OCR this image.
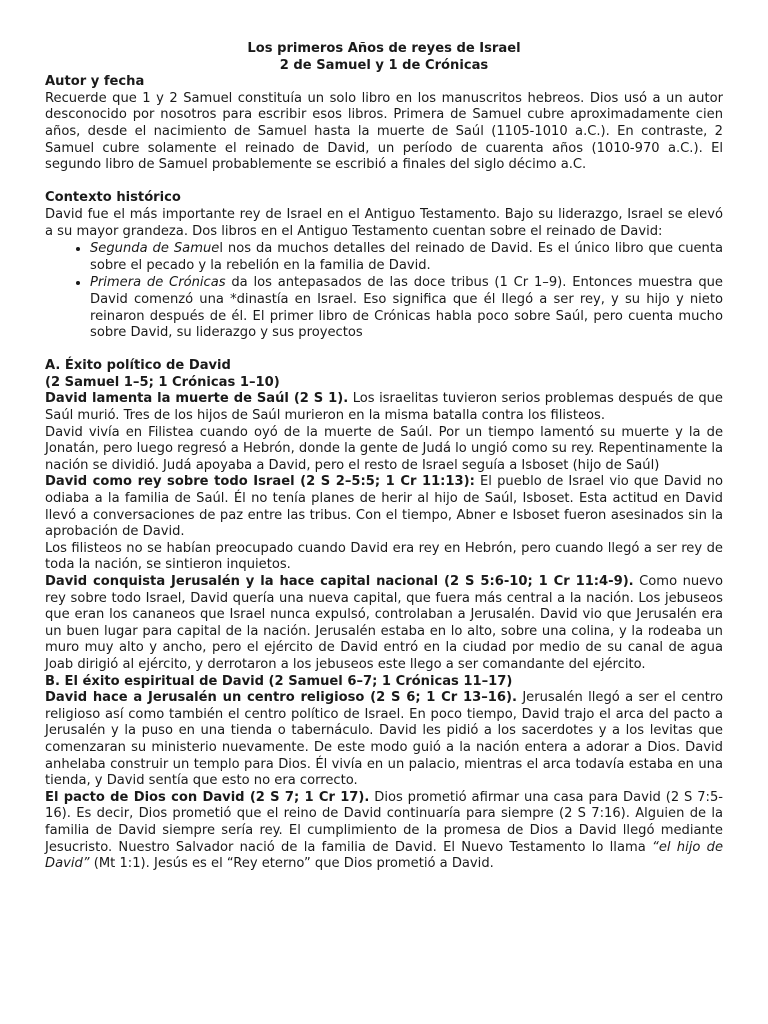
Los primeros Años de reyes de Israel
2 de Samuel y 1 de Crónicas
Autor y fecha

Recuerde que 1 y 2 Samuel constituía un solo libro en los manuscritos hebreos. Dios usó a un autor desconocido por nosotros para escribir esos libros. Primera de Samuel cubre aproximadamente cien años, desde el nacimiento de Samuel hasta la muerte de Saúl (1105-1010 a.C.). En contraste, 2 Samuel cubre solamente el reinado de David, un período de cuarenta años (1010-970 a.C.). El segundo libro de Samuel probablemente se escribió a finales del siglo décimo a.C.

Contexto histórico

David fue el más importante rey de Israel en el Antiguo Testamento. Bajo su liderazgo, Israel se elevó a su mayor grandeza. Dos libros en el Antiguo Testamento cuentan sobre el reinado de David:

• Segunda de Samuel nos da muchos detalles del reinado de David. Es el único libro que cuenta sobre el pecado y la rebelión en la familia de David.
• Primera de Crónicas da los antepasados de las doce tribus (1 Cr 1–9). Entonces muestra que David comenzó una *dinastía en Israel. Eso significa que él llegó a ser rey, y su hijo y nieto reinaron después de él. El primer libro de Crónicas habla poco sobre Saúl, pero cuenta mucho sobre David, su liderazgo y sus proyectos
A. Éxito político de David
(2 Samuel 1–5; 1 Crónicas 1–10)

David lamenta la muerte de Saúl (2 S 1). Los israelitas tuvieron serios problemas después de que Saúl murió. Tres de los hijos de Saúl murieron en la misma batalla contra los filisteos.

David vivía en Filistea cuando oyó de la muerte de Saúl. Por un tiempo lamentó su muerte y la de Jonatán, pero luego regresó a Hebrón, donde la gente de Judá lo ungió como su rey. Repentinamente la nación se dividió. Judá apoyaba a David, pero el resto de Israel seguía a Isboset (hijo de Saúl)

David como rey sobre todo Israel (2 S 2–5:5; 1 Cr 11:13): El pueblo de Israel vio que David no odiaba a la familia de Saúl. Él no tenía planes de herir al hijo de Saúl, Isboset. Esta actitud en David llevó a conversaciones de paz entre las tribus. Con el tiempo, Abner e Isboset fueron asesinados sin la aprobación de David.

Los filisteos no se habían preocupado cuando David era rey en Hebrón, pero cuando llegó a ser rey de toda la nación, se sintieron inquietos.

David conquista Jerusalén y la hace capital nacional (2 S 5:6-10; 1 Cr 11:4-9). Como nuevo rey sobre todo Israel, David quería una nueva capital, que fuera más central a la nación. Los jebuseos que eran los cananeos que Israel nunca expulsó, controlaban a Jerusalén. David vio que Jerusalén era un buen lugar para capital de la nación. Jerusalén estaba en lo alto, sobre una colina, y la rodeaba un muro muy alto y ancho, pero el ejército de David entró en la ciudad por medio de su canal de agua Joab dirigió al ejército, y derrotaron a los jebuseos este llego a ser comandante del ejército.

B. El éxito espiritual de David (2 Samuel 6–7; 1 Crónicas 11–17)

David hace a Jerusalén un centro religioso (2 S 6; 1 Cr 13–16). Jerusalén llegó a ser el centro religioso así como también el centro político de Israel. En poco tiempo, David trajo el arca del pacto a Jerusalén y la puso en una tienda o tabernáculo. David les pidió a los sacerdotes y a los levitas que comenzaran su ministerio nuevamente. De este modo guió a la nación entera a adorar a Dios. David anhelaba construir un templo para Dios. Él vivía en un palacio, mientras el arca todavía estaba en una tienda, y David sentía que esto no era correcto.

El pacto de Dios con David (2 S 7; 1 Cr 17). Dios prometió afirmar una casa para David (2 S 7:5-16). Es decir, Dios prometió que el reino de David continuaría para siempre (2 S 7:16). Alguien de la familia de David siempre sería rey. El cumplimiento de la promesa de Dios a David llegó mediante Jesucristo. Nuestro Salvador nació de la familia de David. El Nuevo Testamento lo llama “el hijo de David” (Mt 1:1). Jesús es el “Rey eterno” que Dios prometió a David.
